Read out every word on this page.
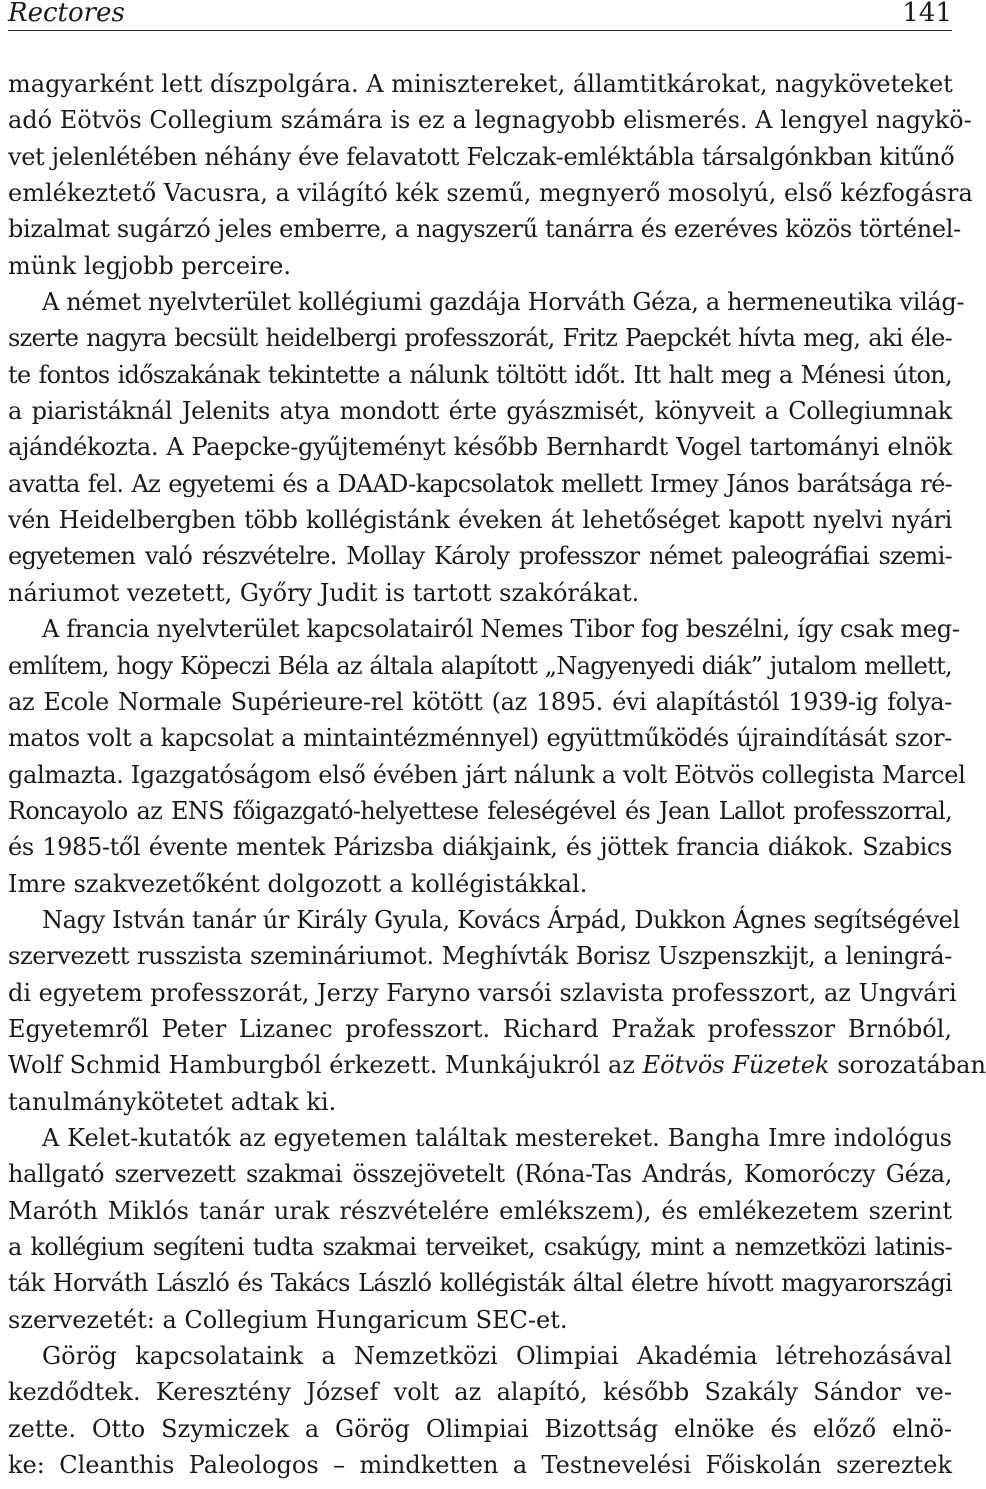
Rectores	141
magyarként lett díszpolgára. A minisztereket, államtitkárokat, nagyköveteket
adó Eötvös Collegium számára is ez a legnagyobb elismerés. A lengyel nagykö-
vet jelenlétében néhány éve felavatott Felczak-emléktábla társalgónkban kitűnő
emlékeztető Vacusra, a világító kék szemű, megnyerő mosolyú, első kézfogásra
bizalmat sugárzó jeles emberre, a nagyszerű tanárra és ezeréves közös történel-
münk legjobb perceire.
A német nyelvterület kollégiumi gazdája Horváth Géza, a hermeneutika világ-
szerte nagyra becsült heidelbergi professzorát, Fritz Paepckét hívta meg, aki éle-
te fontos időszakának tekintette a nálunk töltött időt. Itt halt meg a Ménesi úton,
a piaristáknál Jelenits atya mondott érte gyászmisét, könyveit a Collegiumnak
ajándékozta. A Paepcke-gyűjteményt később Bernhardt Vogel tartományi elnök
avatta fel. Az egyetemi és a DAAD-kapcsolatok mellett Irmey János barátsága ré-
vén Heidelbergben több kollégistánk éveken át lehetőséget kapott nyelvi nyári
egyetemen való részvételre. Mollay Károly professzor német paleográfiai szemi-
náriumot vezetett, Győry Judit is tartott szakórákat.
A francia nyelvterület kapcsolatairól Nemes Tibor fog beszélni, így csak meg-
említem, hogy Köpeczi Béla az általa alapított „Nagyenyedi diák” jutalom mellett,
az Ecole Normale Supérieure-rel kötött (az 1895. évi alapítástól 1939-ig folya-
matos volt a kapcsolat a mintaintézménnyel) együttműködés újraindítását szor-
galmazta. Igazgatóságom első évében járt nálunk a volt Eötvös collegista Marcel
Roncayolo az ENS főigazgató-helyettese feleségével és Jean Lallot professzorral,
és 1985-től évente mentek Párizsba diákjaink, és jöttek francia diákok. Szabics
Imre szakvezetőként dolgozott a kollégistákkal.
Nagy István tanár úr Király Gyula, Kovács Árpád, Dukkon Ágnes segítségével
szervezett russzista szemináriumot. Meghívták Borisz Uszpenszkijt, a leningrá-
di egyetem professzorát, Jerzy Faryno varsói szlavista professzort, az Ungvári
Egyetemről Peter Lizanec professzort. Richard Pražak professzor Brnóból,
Wolf Schmid Hamburgból érkezett. Munkájukról az Eötvös Füzetek sorozatában
tanulmánykötetet adtak ki.
A Kelet-kutatók az egyetemen találtak mestereket. Bangha Imre indológus
hallgató szervezett szakmai összejövetelt (Róna-Tas András, Komoróczy Géza,
Maróth Miklós tanár urak részvételére emlékszem), és emlékezetem szerint
a kollégium segíteni tudta szakmai terveiket, csakúgy, mint a nemzetközi latinis-
ták Horváth László és Takács László kollégisták által életre hívott magyarországi
szervezetét: a Collegium Hungaricum SEC-et.
Görög kapcsolataink a Nemzetközi Olimpiai Akadémia létrehozásával
kezdődtek. Keresztény József volt az alapító, később Szakály Sándor ve-
zette. Otto Szymiczek a Görög Olimpiai Bizottság elnöke és előző elnö-
ke: Cleanthis Paleologos – mindketten a Testnevelési Főiskolán szereztek
